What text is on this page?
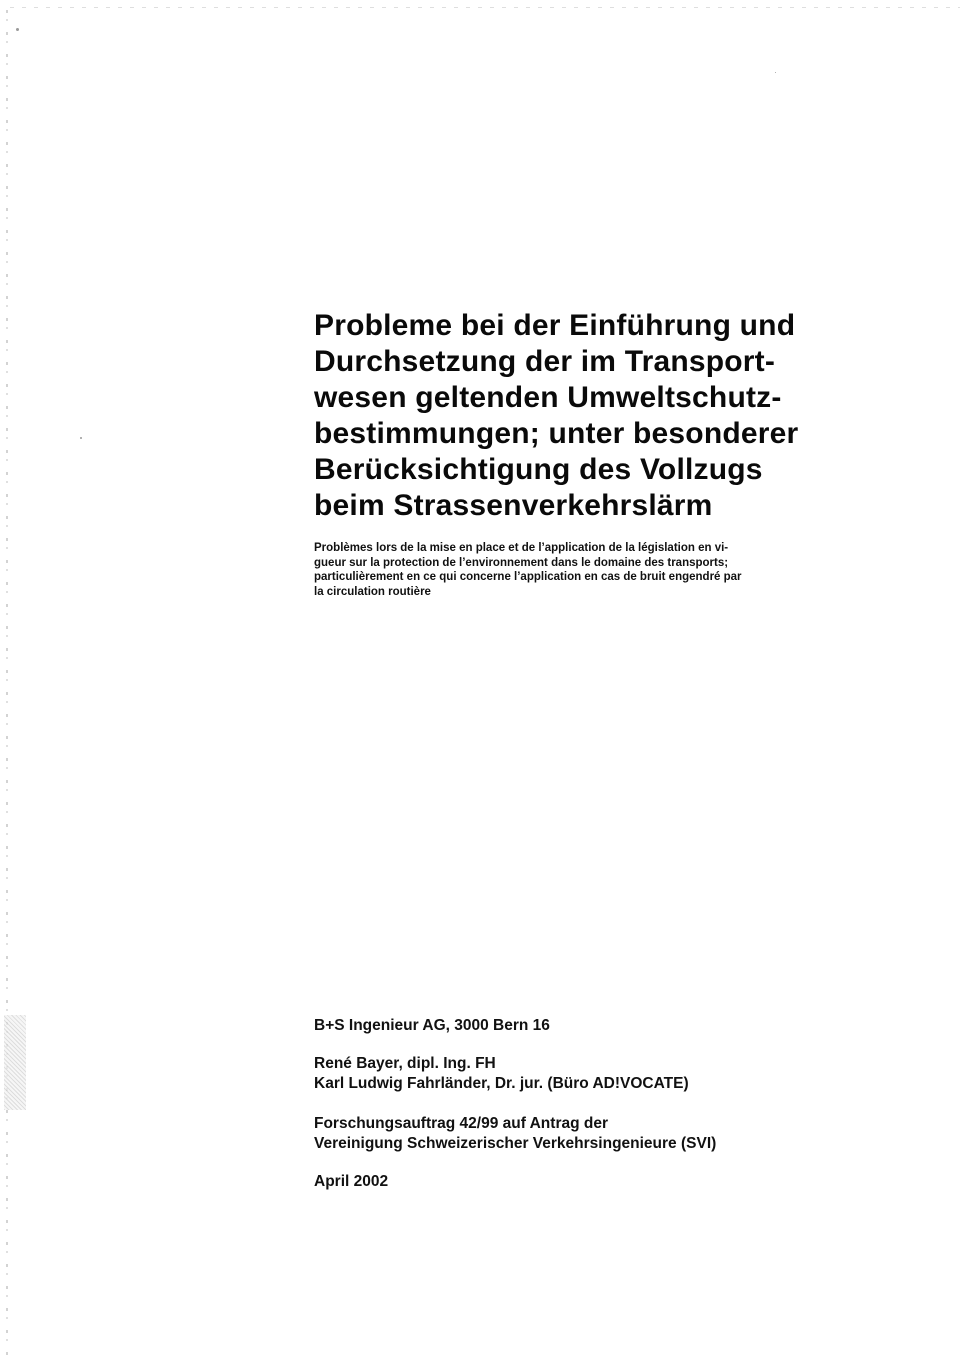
Probleme bei der Einführung und
Durchsetzung der im Transport-
wesen geltenden Umweltschutz-
bestimmungen; unter besonderer
Berücksichtigung des Vollzugs
beim Strassenverkehrslärm

Problèmes lors de la mise en place et de l’application de la législation en vi-
gueur sur la protection de l’environnement dans le domaine des transports;
particulièrement en ce qui concerne l’application en cas de bruit engendré par
la circulation routière

B+S Ingenieur AG, 3000 Bern 16

René Bayer, dipl. Ing. FH
Karl Ludwig Fahrländer, Dr. jur. (Büro AD!VOCATE)

Forschungsauftrag 42/99 auf Antrag der
Vereinigung Schweizerischer Verkehrsingenieure (SVI)

April 2002
